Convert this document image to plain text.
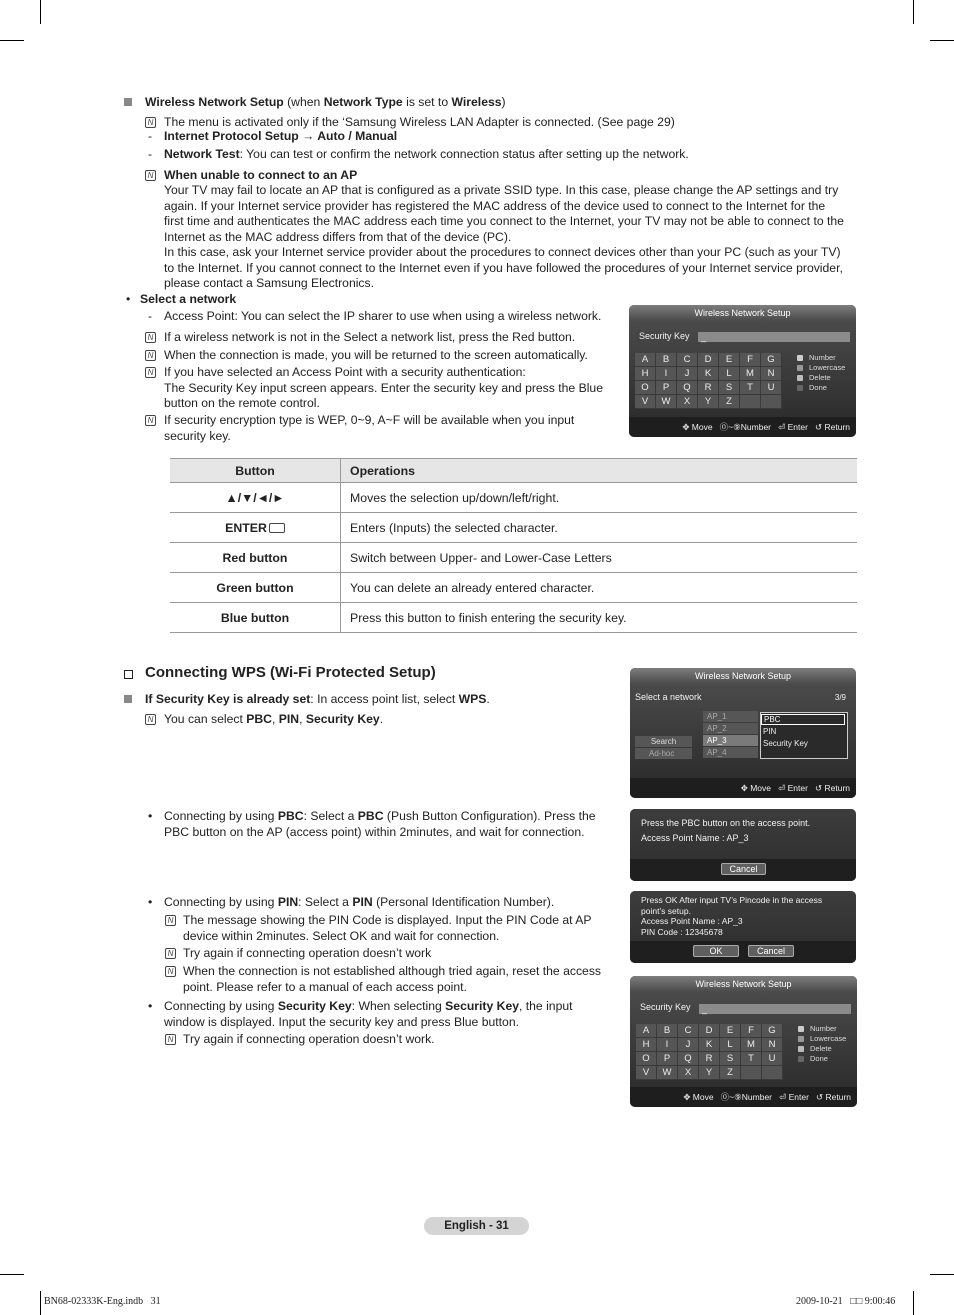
Wireless Network Setup (when Network Type is set to Wireless)
N The menu is activated only if the ‘Samsung Wireless LAN Adapter is connected. (See page 29)
- Internet Protocol Setup → Auto / Manual
- Network Test: You can test or confirm the network connection status after setting up the network.
N When unable to connect to an AP
Your TV may fail to locate an AP that is configured as a private SSID type. In this case, please change the AP settings and try
again. If your Internet service provider has registered the MAC address of the device used to connect to the Internet for the
first time and authenticates the MAC address each time you connect to the Internet, your TV may not be able to connect to the
Internet as the MAC address differs from that of the device (PC).
In this case, ask your Internet service provider about the procedures to connect devices other than your PC (such as your TV)
to the Internet. If you cannot connect to the Internet even if you have followed the procedures of your Internet service provider,
please contact a Samsung Electronics.
• Select a network
- Access Point: You can select the IP sharer to use when using a wireless network.
N If a wireless network is not in the Select a network list, press the Red button.
N When the connection is made, you will be returned to the screen automatically.
N If you have selected an Access Point with a security authentication:
The Security Key input screen appears. Enter the security key and press the Blue
button on the remote control.
N If security encryption type is WEP, 0~9, A~F will be available when you input
security key.
Wireless Network Setup
Security Key	_
A	B	C	D	E	F	G
H	I	J	K	L	M	N
O	P	Q	R	S	T	U
V	W	X	Y	Z
Number
Lowercase
Delete
Done
✥ Move   ⓪~⑨Number   ⏎ Enter   ↺ Return
Button	Operations
▲/▼/◄/►	Moves the selection up/down/left/right.
ENTER	Enters (Inputs) the selected character.
Red button	Switch between Upper- and Lower-Case Letters
Green button	You can delete an already entered character.
Blue button	Press this button to finish entering the security key.
Connecting WPS (Wi-Fi Protected Setup)
If Security Key is already set: In access point list, select WPS.
N You can select PBC, PIN, Security Key.
Wireless Network Setup
Select a network	3/9
AP_1
AP_2
AP_3
AP_4
Search
Ad-hoc
PBC
PIN
Security Key
✥ Move   ⏎ Enter   ↺ Return
• Connecting by using PBC: Select a PBC (Push Button Configuration). Press the
PBC button on the AP (access point) within 2minutes, and wait for connection.
Press the PBC button on the access point.
Access Point Name : AP_3
Cancel
• Connecting by using PIN: Select a PIN (Personal Identification Number).
N The message showing the PIN Code is displayed. Input the PIN Code at AP
device within 2minutes. Select OK and wait for connection.
N Try again if connecting operation doesn’t work
N When the connection is not established although tried again, reset the access
point. Please refer to a manual of each access point.
• Connecting by using Security Key: When selecting Security Key, the input
window is displayed. Input the security key and press Blue button.
N Try again if connecting operation doesn’t work.
Press OK After input TV’s Pincode in the access
point’s setup.
Access Point Name : AP_3
PIN Code : 12345678
OK	Cancel
Wireless Network Setup
Security Key	_
A	B	C	D	E	F	G
H	I	J	K	L	M	N
O	P	Q	R	S	T	U
V	W	X	Y	Z
Number
Lowercase
Delete
Done
✥ Move   ⓪~⑨Number   ⏎ Enter   ↺ Return
English - 31
BN68-02333K-Eng.indb   31	2009-10-21   □□ 9:00:46
